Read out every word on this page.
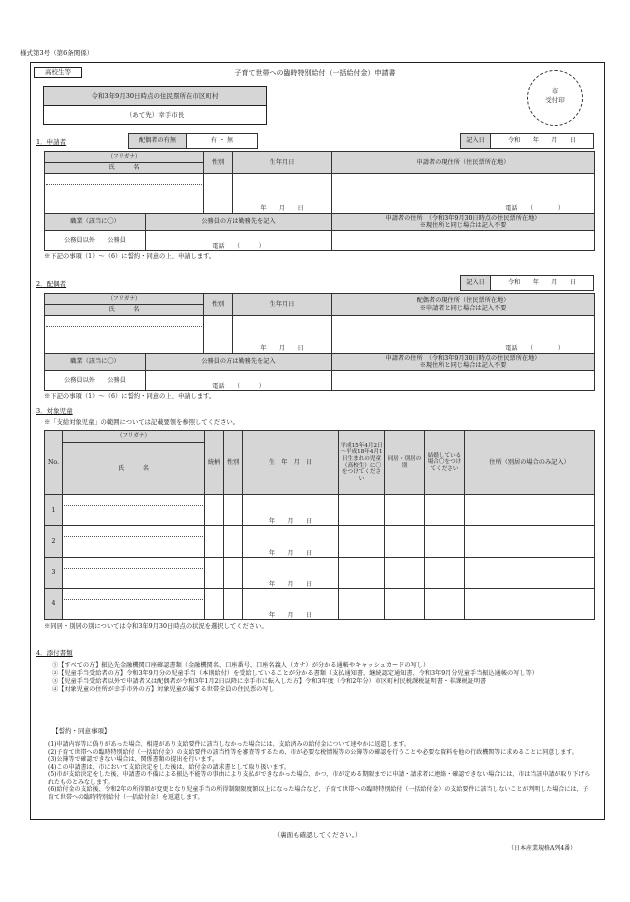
様式第3号（第6条関係）
高校生等	子育て世帯への臨時特別給付（一括給付金）申請書
市
受付印
令和3年9月30日時点の住民票所在市区町村
（あて先）幸手市長
1．申請者	配偶者の有無	有 ・ 無	記入日	令和　　年　　月　　日
（フリガナ）		性別	生年月日	申請者の現住所（住民票所在地）
氏　　　名				

			年　　月　　日	電話　　（　　　　）
職業（該当に〇）	公務員の方は勤務先を記入			申請者の住所　（令和3年9月30日時点の住民票所在地）
※現住所と同じ場合は記入不要

公務員以外　　公務員	電話　　（　　　）			
※下記の事項（1）～（6）に誓約・同意の上、申請します。
2．配偶者	記入日	令和　　年　　月　　日
（フリガナ）		性別	生年月日	配偶者の現住所（住民票所在地）
※申請者と同じ場合は記入不要

氏　　　名				

			年　　月　　日	電話　　（　　　　）
職業（該当に〇）	公務員の方は勤務先を記入			申請者の住所　（令和3年9月30日時点の住民票所在地）
※現住所と同じ場合は記入不要

公務員以外　　公務員	電話　　（　　　）			
※下記の事項（1）～（6）に誓約・同意の上、申請します。
3．対象児童
※「支給対象児童」の範囲については記載要領を参照してください。
No.	（フリガナ）	続柄	性別	生　年　月　日	平成15年4月2日～平成18年4月1日生まれの児童（高校生）に〇をつけてください	同居・別居の別	結婚している場合〇をつけてください	住所（別居の場合のみ記入）
	氏　　　名							
1				年　　月　　日				
2				年　　月　　日				
3				年　　月　　日				
4				年　　月　　日				
※同居・別居の別については令和3年9月30日時点の状況を選択してください。
4．添付書類
①【すべての方】振込先金融機関口座確認書類（金融機関名、口座番号、口座名義人（カナ）が分かる通帳やキャッシュカードの写し）
②【児童手当受給者の方】令和3年9月分の児童手当（本則給付）を受給していることが分かる書類（支払通知書、継続認定通知書、令和3年9月分児童手当振込通帳の写し等）
③【児童手当受給者以外で申請者又は配偶者が令和3年1月2日以降に幸手市に転入した方】令和3年度（令和2年分）市区町村民税課税証明書・非課税証明書
④【対象児童の住所が幸手市外の方】対象児童が属する世帯全員の住民票の写し
【誓約・同意事項】
(1)申請内容等に偽りがあった場合、相違があり支給要件に該当しなかった場合には、支給済みの給付金について速やかに返還します。
(2)子育て世帯への臨時特別給付（一括給付金）の支給要件の該当性等を審査等するため、市が必要な税情報等の公簿等の確認を行うことや必要な資料を他の行政機関等に求めることに同意します。
(3)公簿等で確認できない場合は、関係書類の提出を行います。
(4)この申請書は、市において支給決定をした後は、給付金の請求書として取り扱います。
(5)市が支給決定をした後、申請書の不備による振込不能等の事由により支払ができなかった場合、かつ、市が定める期限までに申請・請求者に連絡・確認できない場合には、市は当該申請が取り下げられたものとみなします。
(6)給付金の支給後、令和2年の所得額が変更となり児童手当の所得制限限度額以上になった場合など、子育て世帯への臨時特別給付（一括給付金）の支給要件に該当しないことが判明した場合には、子育て世帯への臨時特別給付（一括給付金）を返還します。
（裏面も確認してください。）
（日本産業規格A列4番）
